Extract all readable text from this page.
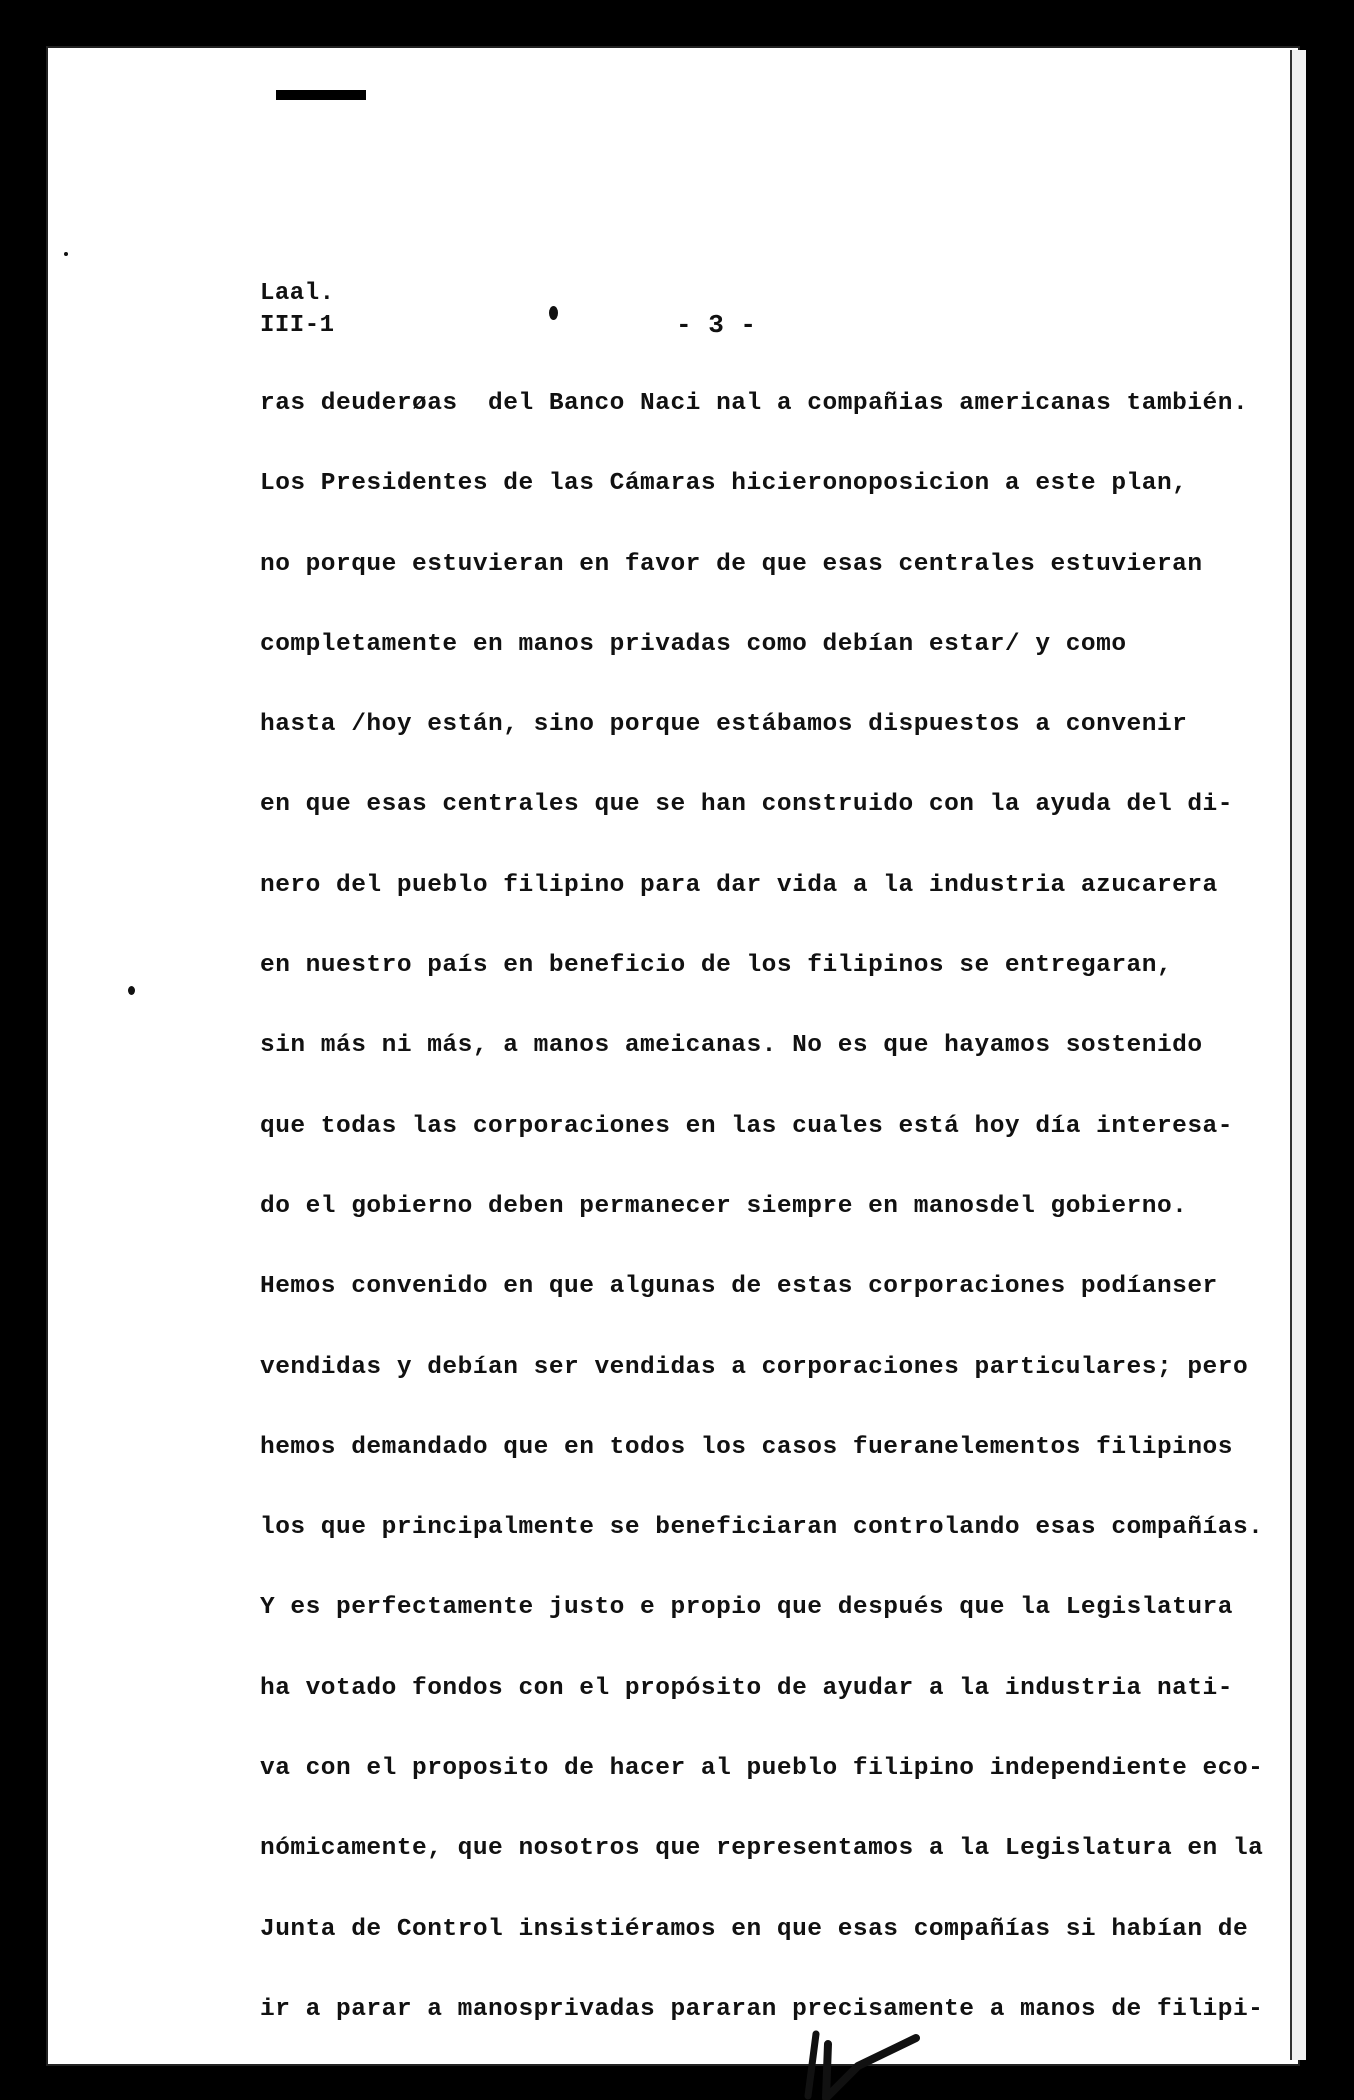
Laal.
III-1	- 3 -
ras deuderøas  del Banco Naci nal a compañias americanas también.
Los Presidentes de las Cámaras hicieronoposicion a este plan,
no porque estuvieran en favor de que esas centrales estuvieran
completamente en manos privadas como debían estar/ y como
hasta /hoy están, sino porque estábamos dispuestos a convenir
en que esas centrales que se han construido con la ayuda del di-
nero del pueblo filipino para dar vida a la industria azucarera
en nuestro país en beneficio de los filipinos se entregaran,
sin más ni más, a manos ameicanas. No es que hayamos sostenido
que todas las corporaciones en las cuales está hoy día interesa-
do el gobierno deben permanecer siempre en manosdel gobierno.
Hemos convenido en que algunas de estas corporaciones podíanser
vendidas y debían ser vendidas a corporaciones particulares; pero
hemos demandado que en todos los casos fueranelementos filipinos
los que principalmente se beneficiaran controlando esas compañías.
Y es perfectamente justo e propio que después que la Legislatura
ha votado fondos con el propósito de ayudar a la industria nati-
va con el proposito de hacer al pueblo filipino independiente eco-
nómicamente, que nosotros que representamos a la Legislatura en la
Junta de Control insistiéramos en que esas compañías si habían de
ir a parar a manosprivadas pararan precisamente a manos de filipi-
